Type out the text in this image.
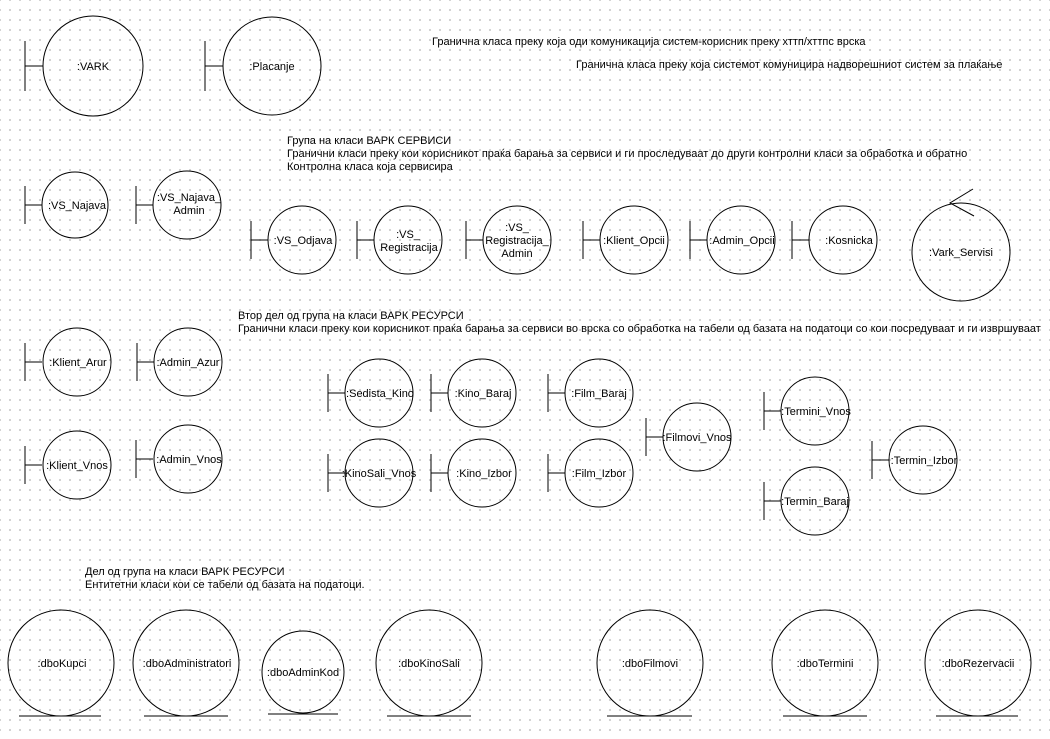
Гранична класа преку која оди комуникација систем-корисник преку хттп/хттпс врска
Гранична класа преку која системот комуницира надворешниот систем за плаќање
Група на класи ВАРК СЕРВИСИ
Гранични класи преку кои корисникот праќа барања за сервиси и ги проследуваат до други контролни класи за обработка и обратно
Контролна класа која сервисира
Втор дел од група на класи ВАРК РЕСУРСИ
Гранични класи преку кои корисникот праќа барања за сервиси во врска со обработка на табели од базата на податоци со кои посредуваат и ги извршуваат
Дел од група на класи ВАРК РЕСУРСИ
Ентитетни класи кои се табели од базата на податоци.
:VARK	:Placanje
:VS_Najava
:VS_Najava_
Admin
:VS_Odjava	:VS_
Registracija
:VS_
Registracija_
Admin
:Klient_Opcii	:Admin_Opcii	:Kosnicka
:Vark_Servisi
:Klient_Arur	:Admin_Azur
:Klient_Vnos	:Admin_Vnos
:Sedista_Kino	:Kino_Baraj	:Film_Baraj
:KinoSali_Vnos	:Kino_Izbor	:Film_Izbor
:Filmovi_Vnos
:Termini_Vnos
:Termin_Baraj
:Termin_Izbor
:dboKupci	:dboAdministratori
:dboAdminKod
:dboKinoSali	:dboFilmovi	:dboTermini	:dboRezervacii
